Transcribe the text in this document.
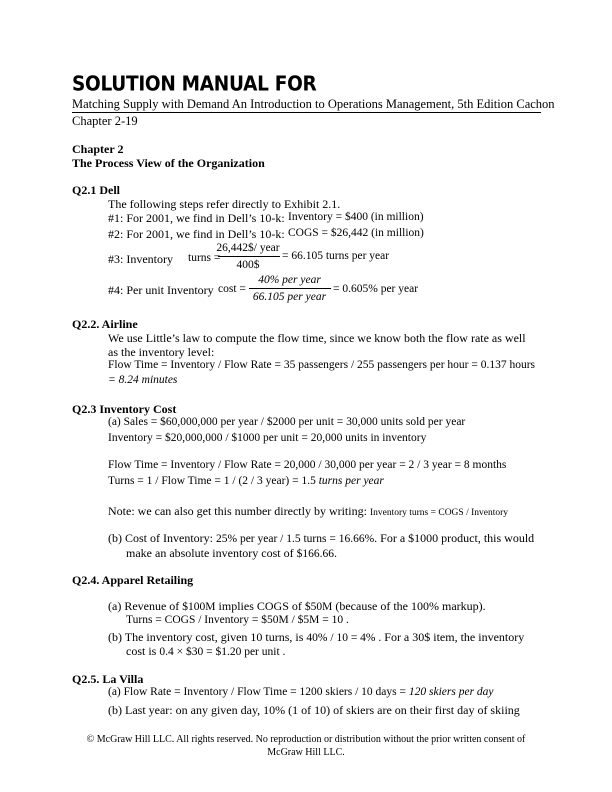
SOLUTION MANUAL FOR
Matching Supply with Demand An Introduction to Operations Management, 5th Edition Cachon
Chapter 2-19
Chapter 2
The Process View of the Organization
Q2.1 Dell
The following steps refer directly to Exhibit 2.1.
#1: For 2001, we find in Dell’s 10-k: Inventory = $400 (in million)
#2: For 2001, we find in Dell’s 10-k: COGS = $26,442 (in million)
#3: Inventory turns =
26,442$/ year
400$
= 66.105 turns per year
#4: Per unit Inventory cost =
40% per year
66.105 per year
= 0.605% per year
Q2.2. Airline
We use Little’s law to compute the flow time, since we know both the flow rate as well
as the inventory level:
Flow Time = Inventory / Flow Rate = 35 passengers / 255 passengers per hour = 0.137 hours
= 8.24 minutes
Q2.3 Inventory Cost
(a) Sales = $60,000,000 per year / $2000 per unit = 30,000 units sold per year
Inventory = $20,000,000 / $1000 per unit = 20,000 units in inventory
Flow Time = Inventory / Flow Rate = 20,000 / 30,000 per year = 2 / 3 year = 8 months
Turns = 1 / Flow Time = 1 / (2 / 3 year) = 1.5 turns per year
Note: we can also get this number directly by writing: Inventory turns = COGS / Inventory
(b) Cost of Inventory: 25% per year / 1.5 turns = 16.66%. For a $1000 product, this would
make an absolute inventory cost of $166.66.
Q2.4. Apparel Retailing
(a) Revenue of $100M implies COGS of $50M (because of the 100% markup).
Turns = COGS / Inventory = $50M / $5M = 10 .
(b) The inventory cost, given 10 turns, is 40% / 10 = 4% . For a 30$ item, the inventory
cost is 0.4 × $30 = $1.20 per unit .
Q2.5. La Villa
(a) Flow Rate = Inventory / Flow Time = 1200 skiers / 10 days = 120 skiers per day
(b) Last year: on any given day, 10% (1 of 10) of skiers are on their first day of skiing
© McGraw Hill LLC. All rights reserved. No reproduction or distribution without the prior written consent of McGraw Hill LLC.
